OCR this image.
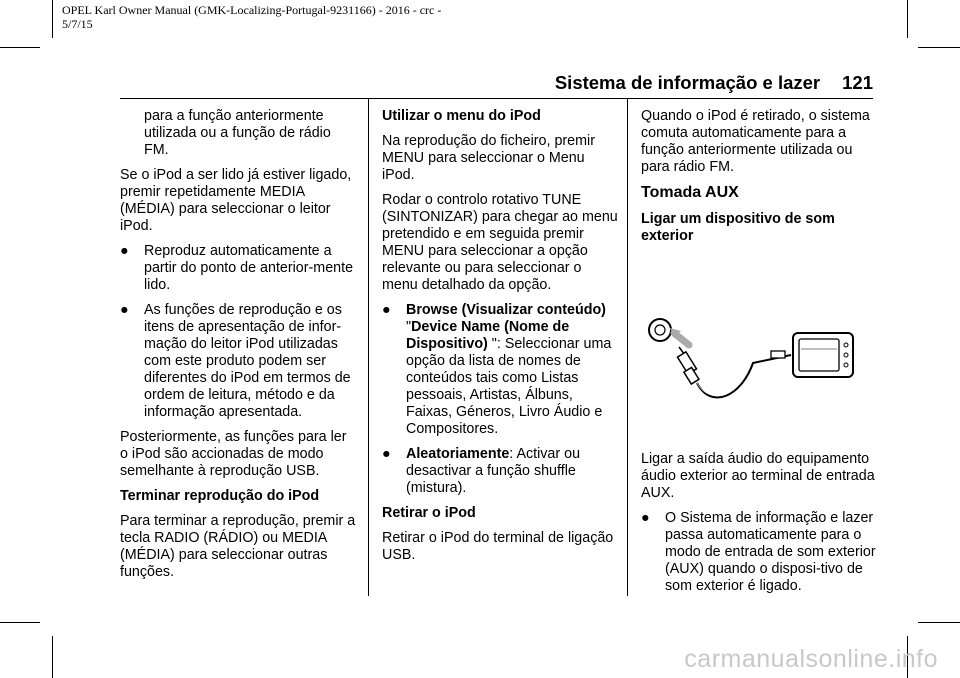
OPEL Karl Owner Manual (GMK-Localizing-Portugal-9231166) - 2016 - crc -
5/7/15
Sistema de informação e lazer 121

para a função anteriormente utilizada ou a função de rádio FM.

Se o iPod a ser lido já estiver ligado, premir repetidamente MEDIA (MÉDIA) para seleccionar o leitor iPod.

● Reproduz automaticamente a partir do ponto de anterior-mente lido.
● As funções de reprodução e os itens de apresentação de infor-mação do leitor iPod utilizadas com este produto podem ser diferentes do iPod em termos de ordem de leitura, método e da informação apresentada.

Posteriormente, as funções para ler o iPod são accionadas de modo semelhante à reprodução USB.

Terminar reprodução do iPod

Para terminar a reprodução, premir a tecla RADIO (RÁDIO) ou MEDIA (MÉDIA) para seleccionar outras funções.

Utilizar o menu do iPod

Na reprodução do ficheiro, premir MENU para seleccionar o Menu iPod.

Rodar o controlo rotativo TUNE (SINTONIZAR) para chegar ao menu pretendido e em seguida premir MENU para seleccionar a opção relevante ou para seleccionar o menu detalhado da opção.

● Browse (Visualizar conteúdo)
"Device Name (Nome de Dispositivo) ": Seleccionar uma opção da lista de nomes de conteúdos tais como Listas pessoais, Artistas, Álbuns, Faixas, Géneros, Livro Áudio e Compositores.
● Aleatoriamente: Activar ou desactivar a função shuffle (mistura).

Retirar o iPod

Retirar o iPod do terminal de ligação USB.

Quando o iPod é retirado, o sistema comuta automaticamente para a função anteriormente utilizada ou para rádio FM.

Tomada AUX

Ligar um dispositivo de som exterior

Ligar a saída áudio do equipamento áudio exterior ao terminal de entrada AUX.

● O Sistema de informação e lazer passa automaticamente para o modo de entrada de som exterior (AUX) quando o disposi-tivo de som exterior é ligado.
carmanualsonline.info
